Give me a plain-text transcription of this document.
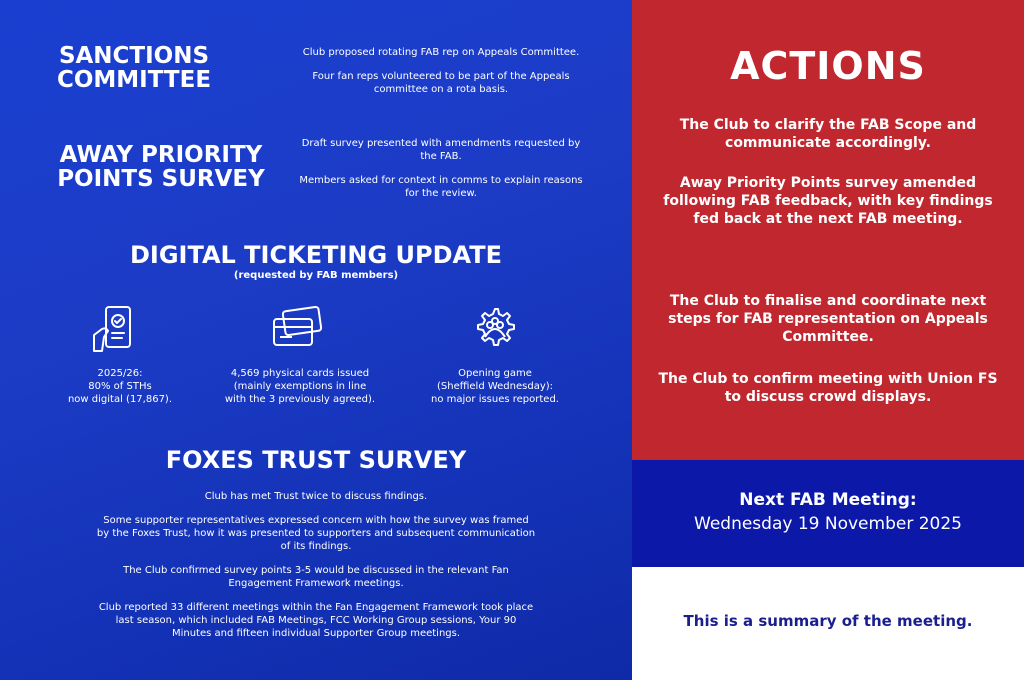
SANCTIONS
COMMITTEE

Club proposed rotating FAB rep on Appeals Committee.

Four fan reps volunteered to be part of the Appeals committee on a rota basis.

AWAY PRIORITY
POINTS SURVEY

Draft survey presented with amendments requested by the FAB.

Members asked for context in comms to explain reasons for the review.

DIGITAL TICKETING UPDATE
(requested by FAB members)
2025/26:
80% of STHs
now digital (17,867).
4,569 physical cards issued
(mainly exemptions in line
with the 3 previously agreed).
Opening game
(Sheffield Wednesday):
no major issues reported.
FOXES TRUST SURVEY

Club has met Trust twice to discuss findings.

Some supporter representatives expressed concern with how the survey was framed by the Foxes Trust, how it was presented to supporters and subsequent communication of its findings.

The Club confirmed survey points 3-5 would be discussed in the relevant Fan Engagement Framework meetings.

Club reported 33 different meetings within the Fan Engagement Framework took place last season, which included FAB Meetings, FCC Working Group sessions, Your 90 Minutes and fifteen individual Supporter Group meetings.

ACTIONS
The Club to clarify the FAB Scope and communicate accordingly.
Away Priority Points survey amended following FAB feedback, with key findings fed back at the next FAB meeting.
The Club to finalise and coordinate next steps for FAB representation on Appeals Committee.
The Club to confirm meeting with Union FS to discuss crowd displays.
Next FAB Meeting:
Wednesday 19 November 2025
This is a summary of the meeting.
